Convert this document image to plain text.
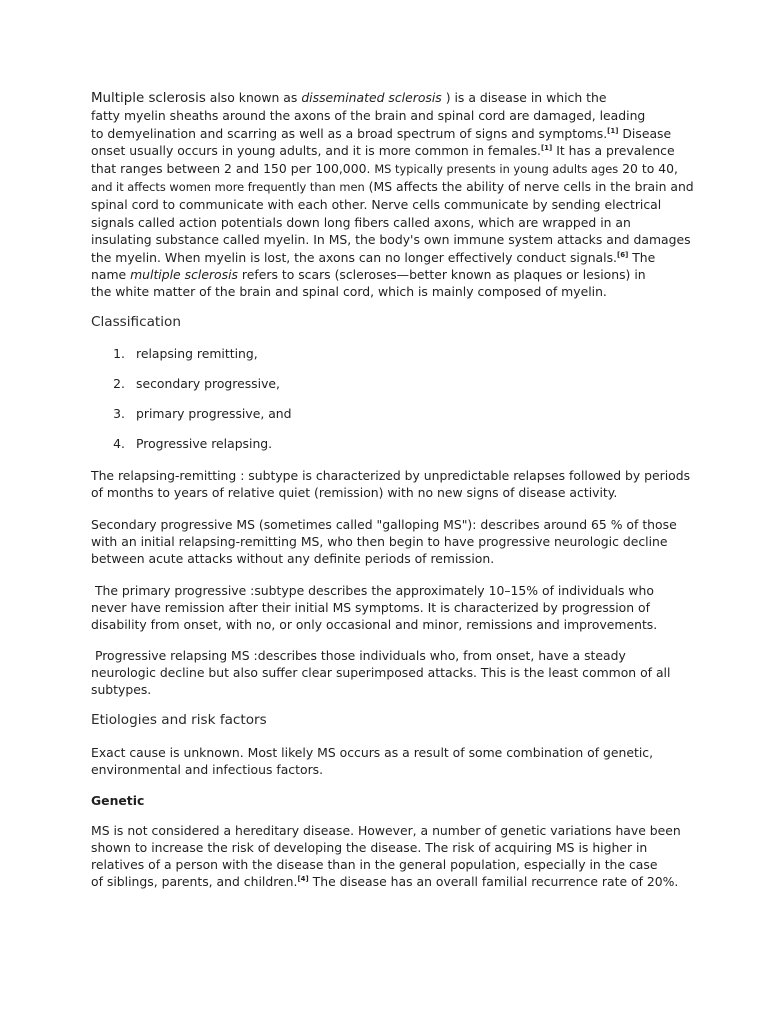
Multiple sclerosis also known as disseminated sclerosis ) is a disease in which the
fatty myelin sheaths around the axons of the brain and spinal cord are damaged, leading
to demyelination and scarring as well as a broad spectrum of signs and symptoms.[1] Disease
onset usually occurs in young adults, and it is more common in females.[1] It has a prevalence
that ranges between 2 and 150 per 100,000. MS typically presents in young adults ages 20 to 40,
and it affects women more frequently than men (MS affects the ability of nerve cells in the brain and
spinal cord to communicate with each other. Nerve cells communicate by sending electrical
signals called action potentials down long fibers called axons, which are wrapped in an
insulating substance called myelin. In MS, the body's own immune system attacks and damages
the myelin. When myelin is lost, the axons can no longer effectively conduct signals.[6] The
name multiple sclerosis refers to scars (scleroses—better known as plaques or lesions) in
the white matter of the brain and spinal cord, which is mainly composed of myelin.
Classification
1. relapsing remitting,
2. secondary progressive,
3. primary progressive, and
4. Progressive relapsing.
The relapsing-remitting : subtype is characterized by unpredictable relapses followed by periods
of months to years of relative quiet (remission) with no new signs of disease activity.
Secondary progressive MS (sometimes called "galloping MS"): describes around 65 % of those
with an initial relapsing-remitting MS, who then begin to have progressive neurologic decline
between acute attacks without any definite periods of remission.
The primary progressive :subtype describes the approximately 10–15% of individuals who
never have remission after their initial MS symptoms. It is characterized by progression of
disability from onset, with no, or only occasional and minor, remissions and improvements.
Progressive relapsing MS :describes those individuals who, from onset, have a steady
neurologic decline but also suffer clear superimposed attacks. This is the least common of all
subtypes.
Etiologies and risk factors
Exact cause is unknown. Most likely MS occurs as a result of some combination of genetic,
environmental and infectious factors.
Genetic
MS is not considered a hereditary disease. However, a number of genetic variations have been
shown to increase the risk of developing the disease. The risk of acquiring MS is higher in
relatives of a person with the disease than in the general population, especially in the case
of siblings, parents, and children.[4] The disease has an overall familial recurrence rate of 20%.
